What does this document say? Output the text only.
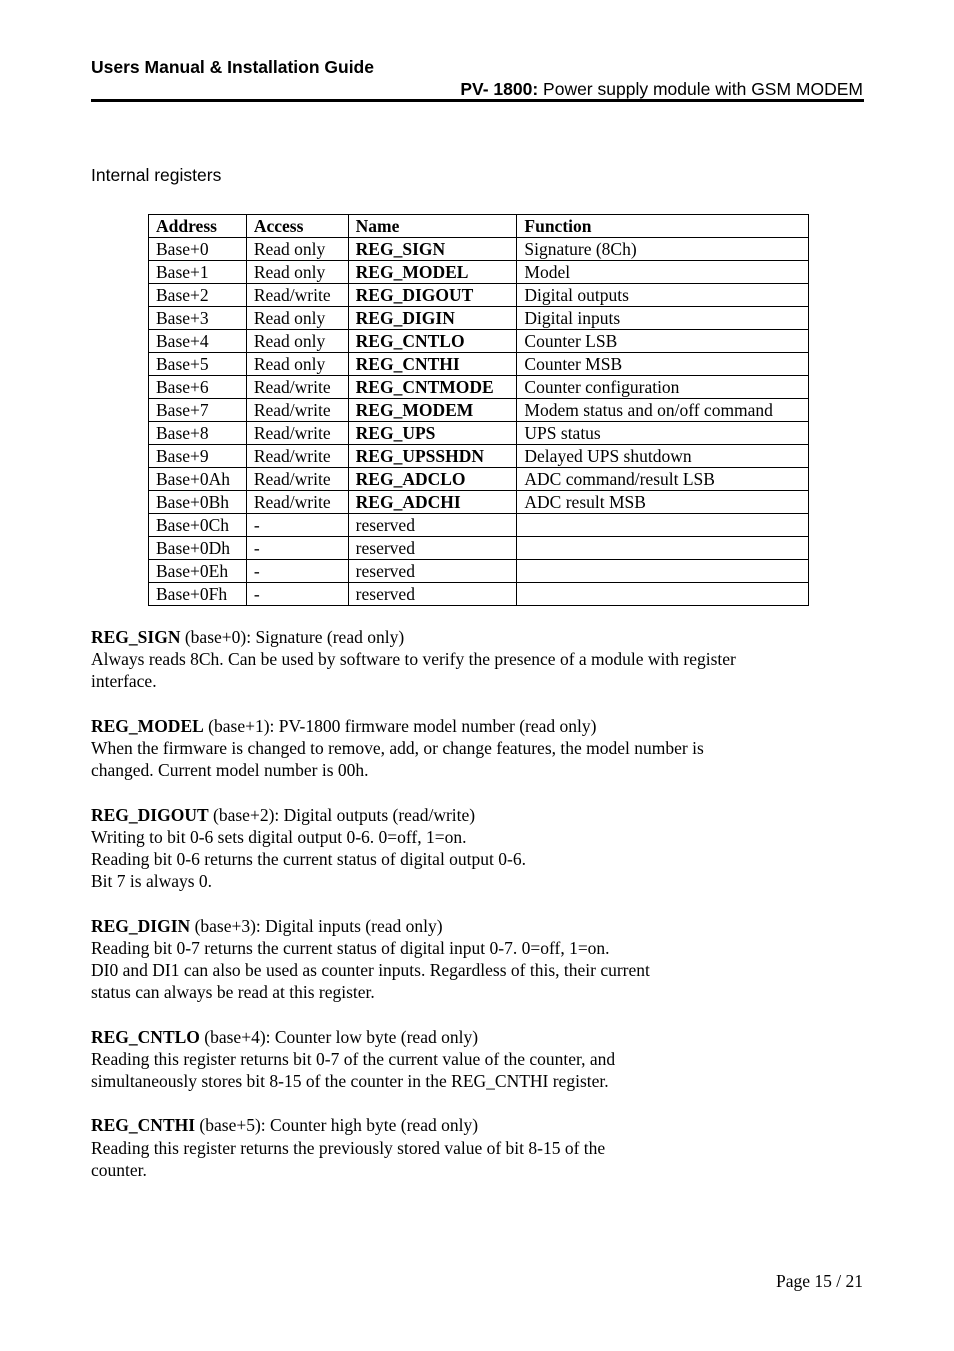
Users Manual & Installation Guide
PV- 1800: Power supply module with GSM MODEM
Internal registers
Address	Access	Name	Function
Base+0	Read only	REG_SIGN	Signature (8Ch)
Base+1	Read only	REG_MODEL	Model
Base+2	Read/write	REG_DIGOUT	Digital outputs
Base+3	Read only	REG_DIGIN	Digital inputs
Base+4	Read only	REG_CNTLO	Counter LSB
Base+5	Read only	REG_CNTHI	Counter MSB
Base+6	Read/write	REG_CNTMODE	Counter configuration
Base+7	Read/write	REG_MODEM	Modem status and on/off command
Base+8	Read/write	REG_UPS	UPS status
Base+9	Read/write	REG_UPSSHDN	Delayed UPS shutdown
Base+0Ah	Read/write	REG_ADCLO	ADC command/result LSB
Base+0Bh	Read/write	REG_ADCHI	ADC result MSB
Base+0Ch	-	reserved	
Base+0Dh	-	reserved	
Base+0Eh	-	reserved	
Base+0Fh	-	reserved	
REG_SIGN (base+0): Signature (read only)
Always reads 8Ch. Can be used by software to verify the presence of a module with register
interface.
REG_MODEL (base+1): PV-1800 firmware model number (read only)
When the firmware is changed to remove, add, or change features, the model number is
changed. Current model number is 00h.
REG_DIGOUT (base+2): Digital outputs (read/write)
Writing to bit 0-6 sets digital output 0-6. 0=off, 1=on.
Reading bit 0-6 returns the current status of digital output 0-6.
Bit 7 is always 0.
REG_DIGIN (base+3): Digital inputs (read only)
Reading bit 0-7 returns the current status of digital input 0-7. 0=off, 1=on.
DI0 and DI1 can also be used as counter inputs. Regardless of this, their current
status can always be read at this register.
REG_CNTLO (base+4): Counter low byte (read only)
Reading this register returns bit 0-7 of the current value of the counter, and
simultaneously stores bit 8-15 of the counter in the REG_CNTHI register.
REG_CNTHI (base+5): Counter high byte (read only)
Reading this register returns the previously stored value of bit 8-15 of the
counter.
Page 15 / 21
